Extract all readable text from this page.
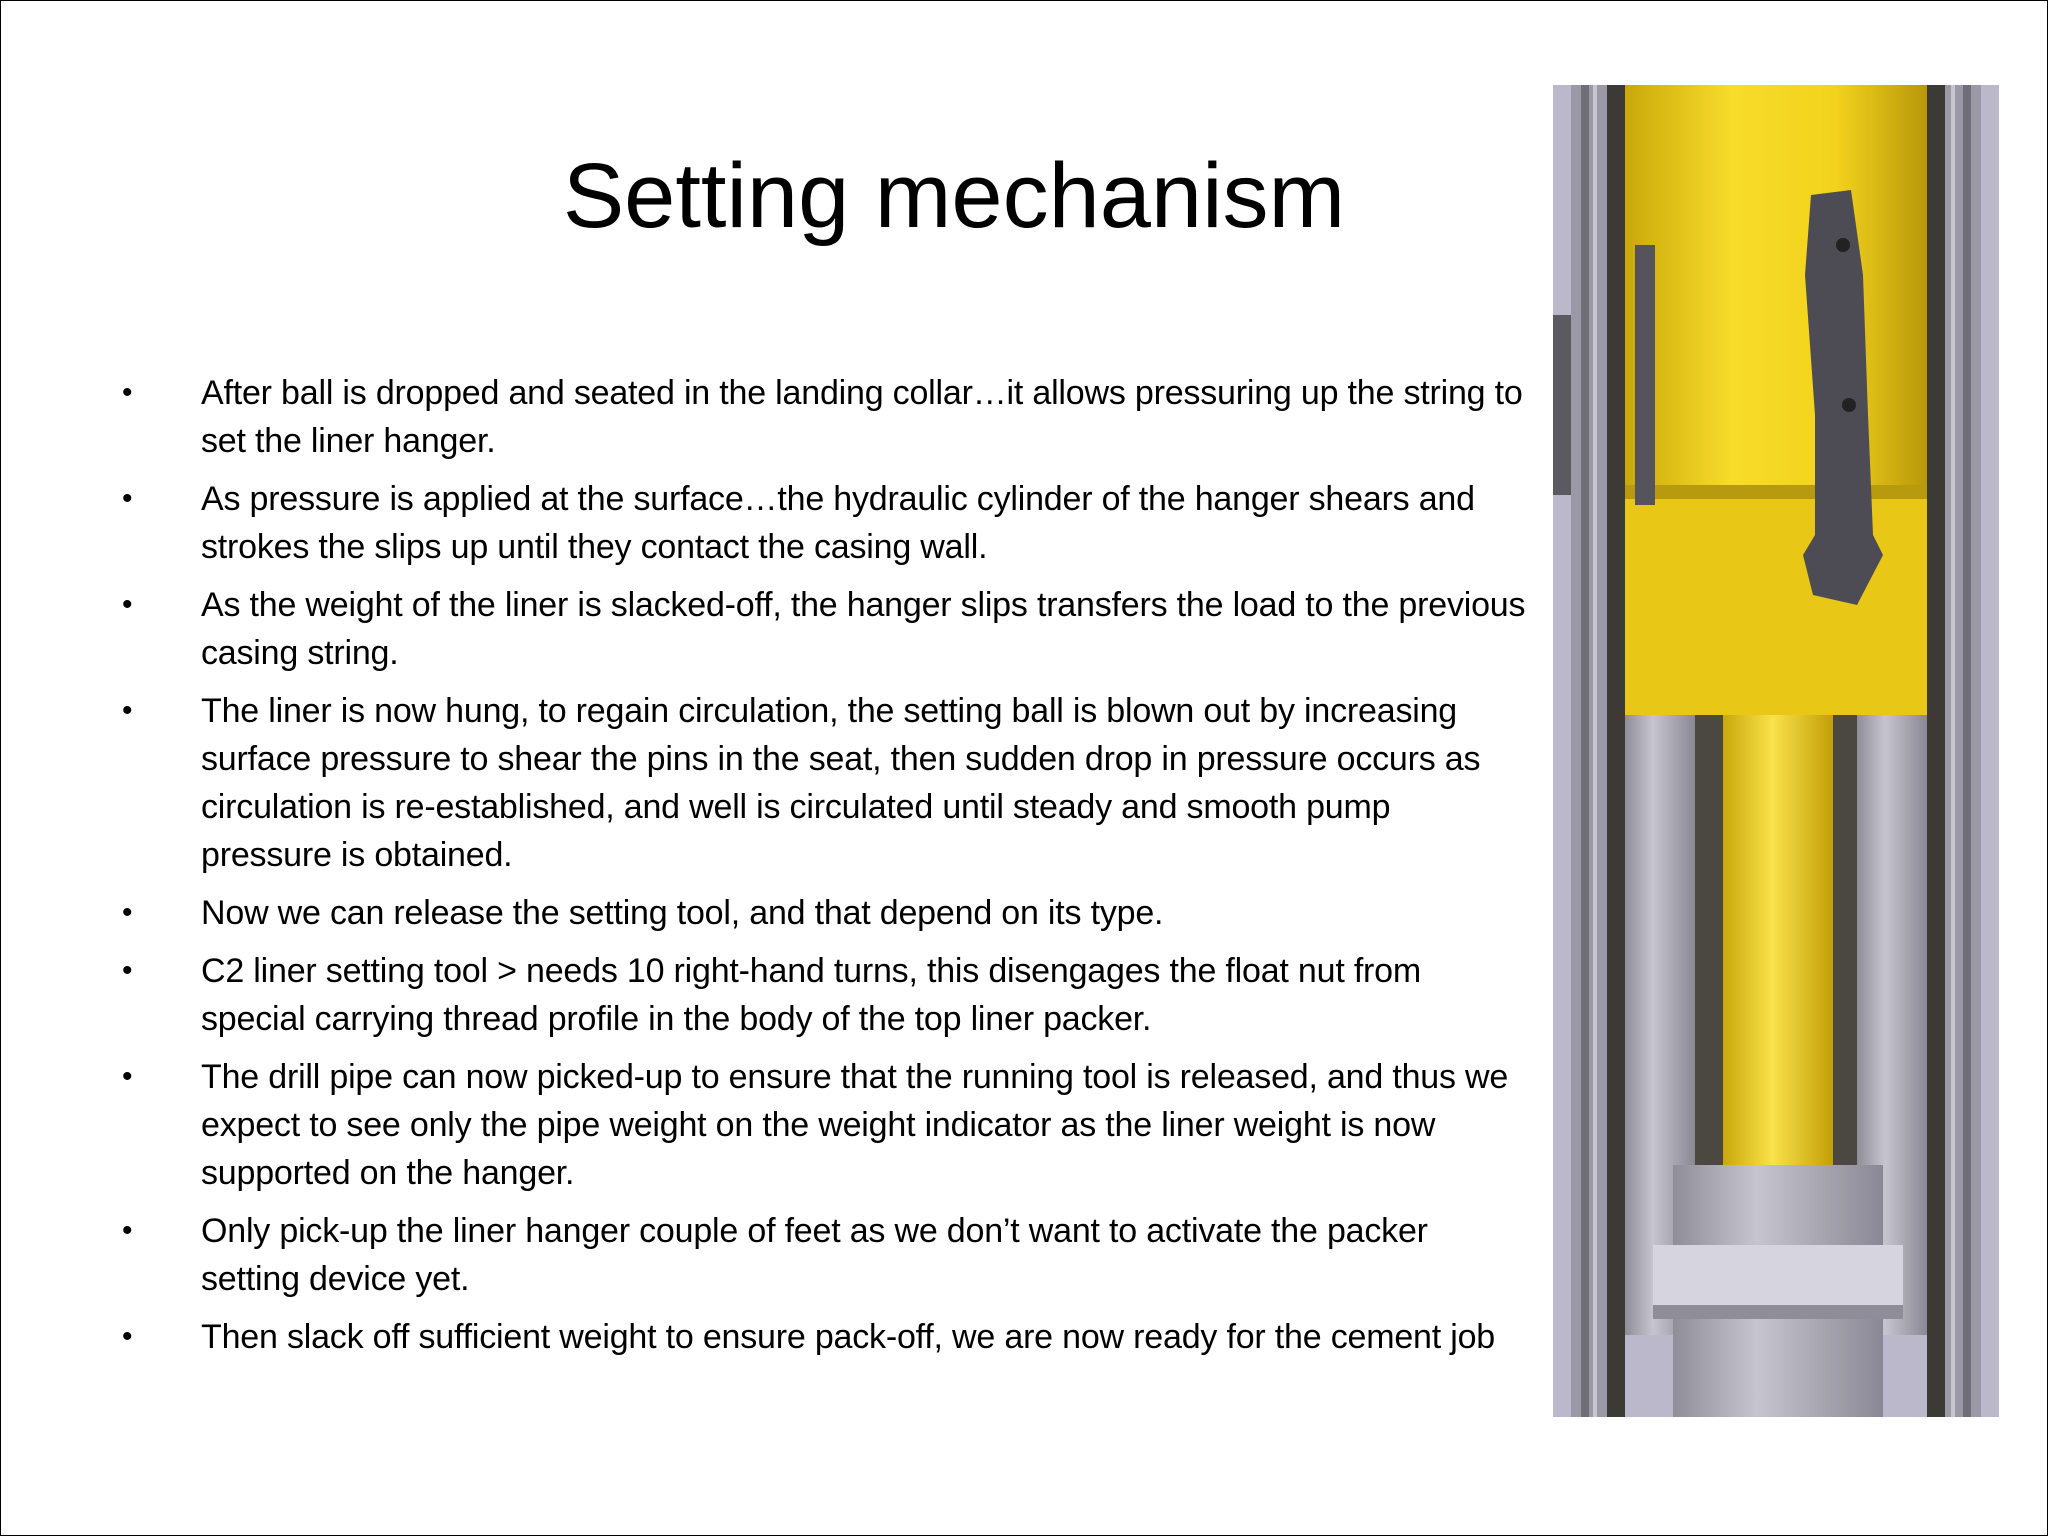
Setting mechanism
• After ball is dropped and seated in the landing collar…it allows pressuring up the string to set the liner hanger.
• As pressure is applied at the surface…the hydraulic cylinder of the hanger shears and strokes the slips up until they contact the casing wall.
• As the weight of the liner is slacked-off, the hanger slips transfers the load to the previous casing string.
• The liner is now hung, to regain circulation, the setting ball is blown out by increasing surface pressure to shear the pins in the seat, then sudden drop in pressure occurs as circulation is re-established, and well is circulated until steady and smooth pump pressure is obtained.
• Now we can release the setting tool, and that depend on its type.
• C2 liner setting tool > needs 10 right-hand turns, this disengages the float nut from special carrying thread profile in the body of the top liner packer.
• The drill pipe can now picked-up to ensure that the running tool is released, and thus we expect to see only the pipe weight on the weight indicator as the liner weight is now supported on the hanger.
• Only pick-up the liner hanger couple of feet as we don’t want to activate the packer setting device yet.
• Then slack off sufficient weight to ensure pack-off, we are now ready for the cement job
